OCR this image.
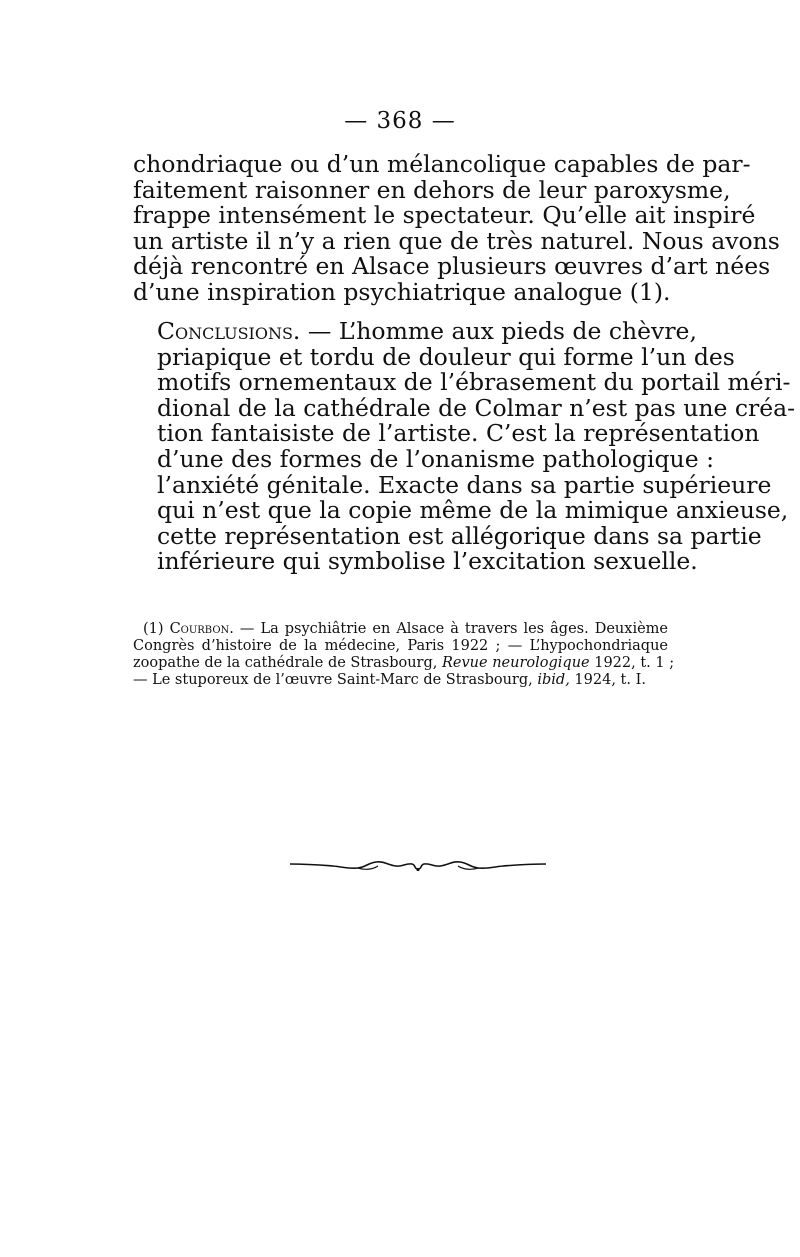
— 368 —
chondriaque ou d’un mélancolique capables de par-
faitement raisonner en dehors de leur paroxysme,
frappe intensément le spectateur. Qu’elle ait inspiré
un artiste il n’y a rien que de très naturel. Nous avons
déjà rencontré en Alsace plusieurs œuvres d’art nées
d’une inspiration psychiatrique analogue (1).
Conclusions. — L’homme aux pieds de chèvre,
priapique et tordu de douleur qui forme l’un des
motifs ornementaux de l’ébrasement du portail méri-
dional de la cathédrale de Colmar n’est pas une créa-
tion fantaisiste de l’artiste. C’est la représentation
d’une des formes de l’onanisme pathologique :
l’anxiété génitale. Exacte dans sa partie supérieure
qui n’est que la copie même de la mimique anxieuse,
cette représentation est allégorique dans sa partie
inférieure qui symbolise l’excitation sexuelle.
(1) Courbon. — La psychiâtrie en Alsace à travers les âges. Deuxième
Congrès d’histoire de la médecine, Paris 1922 ; — L’hypochondriaque
zoopathe de la cathédrale de Strasbourg, Revue neurologique 1922, t. 1 ;
— Le stuporeux de l’œuvre Saint-Marc de Strasbourg, ibid, 1924, t. I.
